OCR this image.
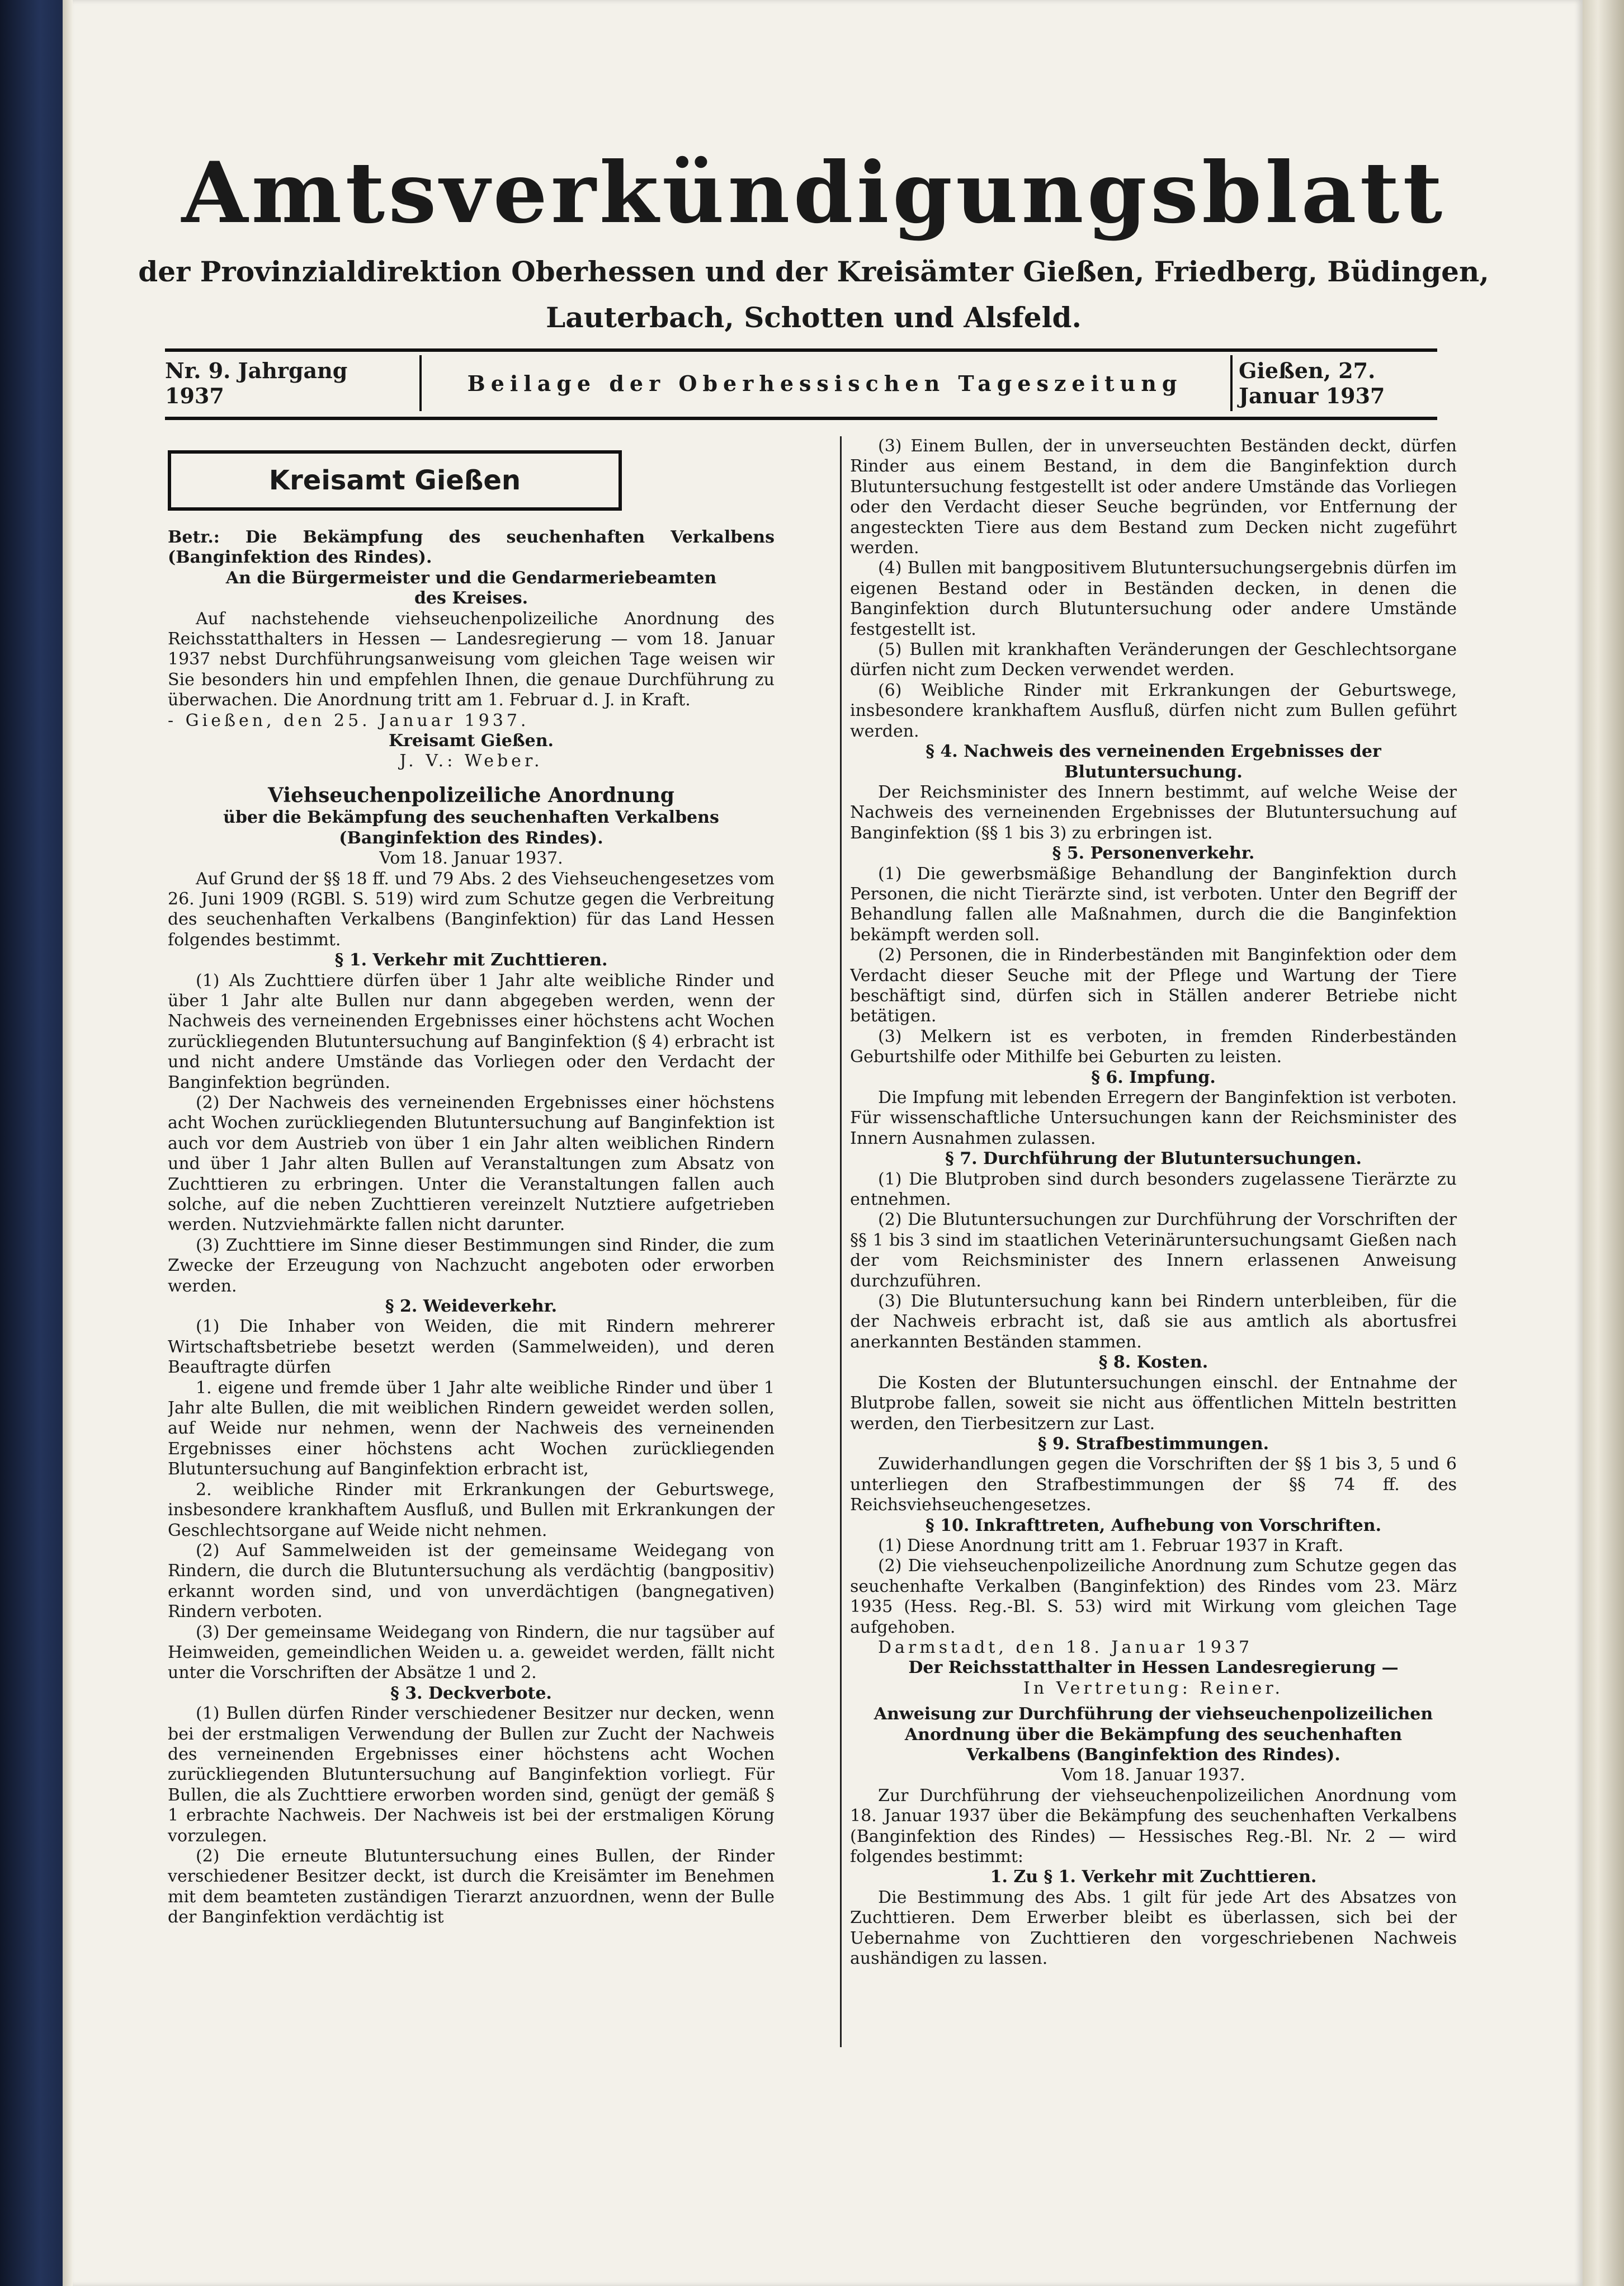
Amtsverkündigungsblatt
der Provinzialdirektion Oberhessen und der Kreisämter Gießen, Friedberg, Büdingen,
Lauterbach, Schotten und Alsfeld.
Nr. 9. Jahrgang 1937	Beilage der Oberhessischen Tageszeitung	Gießen, 27. Januar 1937
Kreisamt Gießen

Betr.: Die Bekämpfung des seuchenhaften Verkalbens (Banginfektion des Rindes).

An die Bürgermeister und die Gendarmeriebeamten

des Kreises.

Auf nachstehende viehseuchenpolizeiliche Anordnung des Reichsstatthalters in Hessen — Landesregierung — vom 18. Januar 1937 nebst Durchführungsanweisung vom gleichen Tage weisen wir Sie besonders hin und empfehlen Ihnen, die genaue Durchführung zu überwachen. Die Anordnung tritt am 1. Februar d. J. in Kraft.

- Gießen, den 25. Januar 1937.

Kreisamt Gießen.

J. V.: Weber.

Viehseuchenpolizeiliche Anordnung

über die Bekämpfung des seuchenhaften Verkalbens

(Banginfektion des Rindes).

Vom 18. Januar 1937.

Auf Grund der §§ 18 ff. und 79 Abs. 2 des Viehseuchengesetzes vom 26. Juni 1909 (RGBl. S. 519) wird zum Schutze gegen die Verbreitung des seuchenhaften Verkalbens (Banginfektion) für das Land Hessen folgendes bestimmt.

§ 1. Verkehr mit Zuchttieren.

(1) Als Zuchttiere dürfen über 1 Jahr alte weibliche Rinder und über 1 Jahr alte Bullen nur dann abgegeben werden, wenn der Nachweis des verneinenden Ergebnisses einer höchstens acht Wochen zurückliegenden Blutuntersuchung auf Banginfektion (§ 4) erbracht ist und nicht andere Umstände das Vorliegen oder den Verdacht der Banginfektion begründen.

(2) Der Nachweis des verneinenden Ergebnisses einer höchstens acht Wochen zurückliegenden Blutuntersuchung auf Banginfektion ist auch vor dem Austrieb von über 1 ein Jahr alten weiblichen Rindern und über 1 Jahr alten Bullen auf Veranstaltungen zum Absatz von Zuchttieren zu erbringen. Unter die Veranstaltungen fallen auch solche, auf die neben Zuchttieren vereinzelt Nutztiere aufgetrieben werden. Nutzviehmärkte fallen nicht darunter.

(3) Zuchttiere im Sinne dieser Bestimmungen sind Rinder, die zum Zwecke der Erzeugung von Nachzucht angeboten oder erworben werden.

§ 2. Weideverkehr.

(1) Die Inhaber von Weiden, die mit Rindern mehrerer Wirtschaftsbetriebe besetzt werden (Sammelweiden), und deren Beauftragte dürfen

1. eigene und fremde über 1 Jahr alte weibliche Rinder und über 1 Jahr alte Bullen, die mit weiblichen Rindern geweidet werden sollen, auf Weide nur nehmen, wenn der Nachweis des verneinenden Ergebnisses einer höchstens acht Wochen zurückliegenden Blutuntersuchung auf Banginfektion erbracht ist,

2. weibliche Rinder mit Erkrankungen der Geburtswege, insbesondere krankhaftem Ausfluß, und Bullen mit Erkrankungen der Geschlechtsorgane auf Weide nicht nehmen.

(2) Auf Sammelweiden ist der gemeinsame Weidegang von Rindern, die durch die Blutuntersuchung als verdächtig (bangpositiv) erkannt worden sind, und von unverdächtigen (bangnegativen) Rindern verboten.

(3) Der gemeinsame Weidegang von Rindern, die nur tagsüber auf Heimweiden, gemeindlichen Weiden u. a. geweidet werden, fällt nicht unter die Vorschriften der Absätze 1 und 2.

§ 3. Deckverbote.

(1) Bullen dürfen Rinder verschiedener Besitzer nur decken, wenn bei der erstmaligen Verwendung der Bullen zur Zucht der Nachweis des verneinenden Ergebnisses einer höchstens acht Wochen zurückliegenden Blutuntersuchung auf Banginfektion vorliegt. Für Bullen, die als Zuchttiere erworben worden sind, genügt der gemäß § 1 erbrachte Nachweis. Der Nachweis ist bei der erstmaligen Körung vorzulegen.

(2) Die erneute Blutuntersuchung eines Bullen, der Rinder verschiedener Besitzer deckt, ist durch die Kreisämter im Benehmen mit dem beamteten zuständigen Tierarzt anzuordnen, wenn der Bulle der Banginfektion verdächtig ist

(3) Einem Bullen, der in unverseuchten Beständen deckt, dürfen Rinder aus einem Bestand, in dem die Banginfektion durch Blutuntersuchung festgestellt ist oder andere Umstände das Vorliegen oder den Verdacht dieser Seuche begründen, vor Entfernung der angesteckten Tiere aus dem Bestand zum Decken nicht zugeführt werden.

(4) Bullen mit bangpositivem Blutuntersuchungsergebnis dürfen im eigenen Bestand oder in Beständen decken, in denen die Banginfektion durch Blutuntersuchung oder andere Umstände festgestellt ist.

(5) Bullen mit krankhaften Veränderungen der Geschlechtsorgane dürfen nicht zum Decken verwendet werden.

(6) Weibliche Rinder mit Erkrankungen der Geburtswege, insbesondere krankhaftem Ausfluß, dürfen nicht zum Bullen geführt werden.

§ 4. Nachweis des verneinenden Ergebnisses der Blutuntersuchung.

Der Reichsminister des Innern bestimmt, auf welche Weise der Nachweis des verneinenden Ergebnisses der Blutuntersuchung auf Banginfektion (§§ 1 bis 3) zu erbringen ist.

§ 5. Personenverkehr.

(1) Die gewerbsmäßige Behandlung der Banginfektion durch Personen, die nicht Tierärzte sind, ist verboten. Unter den Begriff der Behandlung fallen alle Maßnahmen, durch die die Banginfektion bekämpft werden soll.

(2) Personen, die in Rinderbeständen mit Banginfektion oder dem Verdacht dieser Seuche mit der Pflege und Wartung der Tiere beschäftigt sind, dürfen sich in Ställen anderer Betriebe nicht betätigen.

(3) Melkern ist es verboten, in fremden Rinderbeständen Geburtshilfe oder Mithilfe bei Geburten zu leisten.

§ 6. Impfung.

Die Impfung mit lebenden Erregern der Banginfektion ist verboten. Für wissenschaftliche Untersuchungen kann der Reichsminister des Innern Ausnahmen zulassen.

§ 7. Durchführung der Blutuntersuchungen.

(1) Die Blutproben sind durch besonders zugelassene Tierärzte zu entnehmen.

(2) Die Blutuntersuchungen zur Durchführung der Vorschriften der §§ 1 bis 3 sind im staatlichen Veterinäruntersuchungsamt Gießen nach der vom Reichsminister des Innern erlassenen Anweisung durchzuführen.

(3) Die Blutuntersuchung kann bei Rindern unterbleiben, für die der Nachweis erbracht ist, daß sie aus amtlich als abortusfrei anerkannten Beständen stammen.

§ 8. Kosten.

Die Kosten der Blutuntersuchungen einschl. der Entnahme der Blutprobe fallen, soweit sie nicht aus öffentlichen Mitteln bestritten werden, den Tierbesitzern zur Last.

§ 9. Strafbestimmungen.

Zuwiderhandlungen gegen die Vorschriften der §§ 1 bis 3, 5 und 6 unterliegen den Strafbestimmungen der §§ 74 ff. des Reichsviehseuchengesetzes.

§ 10. Inkrafttreten, Aufhebung von Vorschriften.

(1) Diese Anordnung tritt am 1. Februar 1937 in Kraft.

(2) Die viehseuchenpolizeiliche Anordnung zum Schutze gegen das seuchenhafte Verkalben (Banginfektion) des Rindes vom 23. März 1935 (Hess. Reg.-Bl. S. 53) wird mit Wirkung vom gleichen Tage aufgehoben.

Darmstadt, den 18. Januar 1937

Der Reichsstatthalter in Hessen Landesregierung —

In Vertretung: Reiner.

Anweisung zur Durchführung der viehseuchenpolizeilichen Anordnung über die Bekämpfung des seuchenhaften Verkalbens (Banginfektion des Rindes).

Vom 18. Januar 1937.

Zur Durchführung der viehseuchenpolizeilichen Anordnung vom 18. Januar 1937 über die Bekämpfung des seuchenhaften Verkalbens (Banginfektion des Rindes) — Hessisches Reg.-Bl. Nr. 2 — wird folgendes bestimmt:

1. Zu § 1. Verkehr mit Zuchttieren.

Die Bestimmung des Abs. 1 gilt für jede Art des Absatzes von Zuchttieren. Dem Erwerber bleibt es überlassen, sich bei der Uebernahme von Zuchttieren den vorgeschriebenen Nachweis aushändigen zu lassen.
